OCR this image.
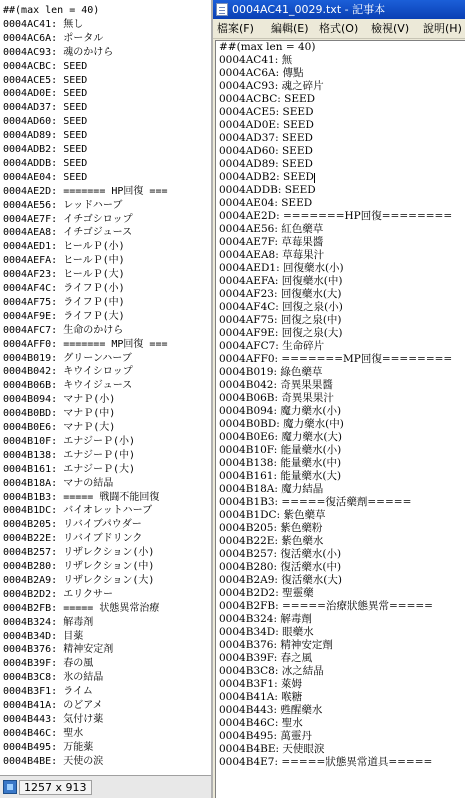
##(max len = 40)
0004AC41: 無し
0004AC6A: ポータル
0004AC93: 魂のかけら
0004ACBC: SEED
0004ACE5: SEED
0004AD0E: SEED
0004AD37: SEED
0004AD60: SEED
0004AD89: SEED
0004ADB2: SEED
0004ADDB: SEED
0004AE04: SEED
0004AE2D: ======= HP回復 ===
0004AE56: レッドハーブ
0004AE7F: イチゴシロップ
0004AEA8: イチゴジュース
0004AED1: ヒールＰ(小)
0004AEFA: ヒールＰ(中)
0004AF23: ヒールＰ(大)
0004AF4C: ライフＰ(小)
0004AF75: ライフＰ(中)
0004AF9E: ライフＰ(大)
0004AFC7: 生命のかけら
0004AFF0: ======= MP回復 ===
0004B019: グリーンハーブ
0004B042: キウイシロップ
0004B06B: キウイジュース
0004B094: マナＰ(小)
0004B0BD: マナＰ(中)
0004B0E6: マナＰ(大)
0004B10F: エナジーＰ(小)
0004B138: エナジーＰ(中)
0004B161: エナジーＰ(大)
0004B18A: マナの結晶
0004B1B3: ===== 戦闘不能回復
0004B1DC: バイオレットハーブ
0004B205: リバイブパウダー
0004B22E: リバイブドリンク
0004B257: リザレクション(小)
0004B280: リザレクション(中)
0004B2A9: リザレクション(大)
0004B2D2: エリクサー
0004B2FB: ===== 状態異常治療
0004B324: 解毒剤
0004B34D: 目薬
0004B376: 精神安定剤
0004B39F: 春の風
0004B3C8: 氷の結晶
0004B3F1: ライム
0004B41A: のどアメ
0004B443: 気付け薬
0004B46C: 聖水
0004B495: 万能薬
0004B4BE: 天使の涙
1257 x 913
0004AC41_0029.txt - 記事本
檔案(F) 編輯(E) 格式(O) 檢視(V) 說明(H)
##(max len = 40)
0004AC41: 無
0004AC6A: 傳點
0004AC93: 魂之碎片
0004ACBC: SEED
0004ACE5: SEED
0004AD0E: SEED
0004AD37: SEED
0004AD60: SEED
0004AD89: SEED
0004ADB2: SEED
0004ADDB: SEED
0004AE04: SEED
0004AE2D: =======HP回復========
0004AE56: 紅色藥草
0004AE7F: 草莓果醬
0004AEA8: 草莓果汁
0004AED1: 回復藥水(小)
0004AEFA: 回復藥水(中)
0004AF23: 回復藥水(大)
0004AF4C: 回復之泉(小)
0004AF75: 回復之泉(中)
0004AF9E: 回復之泉(大)
0004AFC7: 生命碎片
0004AFF0: =======MP回復========
0004B019: 綠色藥草
0004B042: 奇異果果醬
0004B06B: 奇異果果汁
0004B094: 魔力藥水(小)
0004B0BD: 魔力藥水(中)
0004B0E6: 魔力藥水(大)
0004B10F: 能量藥水(小)
0004B138: 能量藥水(中)
0004B161: 能量藥水(大)
0004B18A: 魔力結晶
0004B1B3: =====復活藥劑=====
0004B1DC: 紫色藥草
0004B205: 紫色藥粉
0004B22E: 紫色藥水
0004B257: 復活藥水(小)
0004B280: 復活藥水(中)
0004B2A9: 復活藥水(大)
0004B2D2: 聖靈藥
0004B2FB: =====治療狀態異常=====
0004B324: 解毒劑
0004B34D: 眼藥水
0004B376: 精神安定劑
0004B39F: 春之風
0004B3C8: 冰之結晶
0004B3F1: 萊姆
0004B41A: 喉糖
0004B443: 甦醒藥水
0004B46C: 聖水
0004B495: 萬靈丹
0004B4BE: 天使眼淚
0004B4E7: =====狀態異常道具=====
